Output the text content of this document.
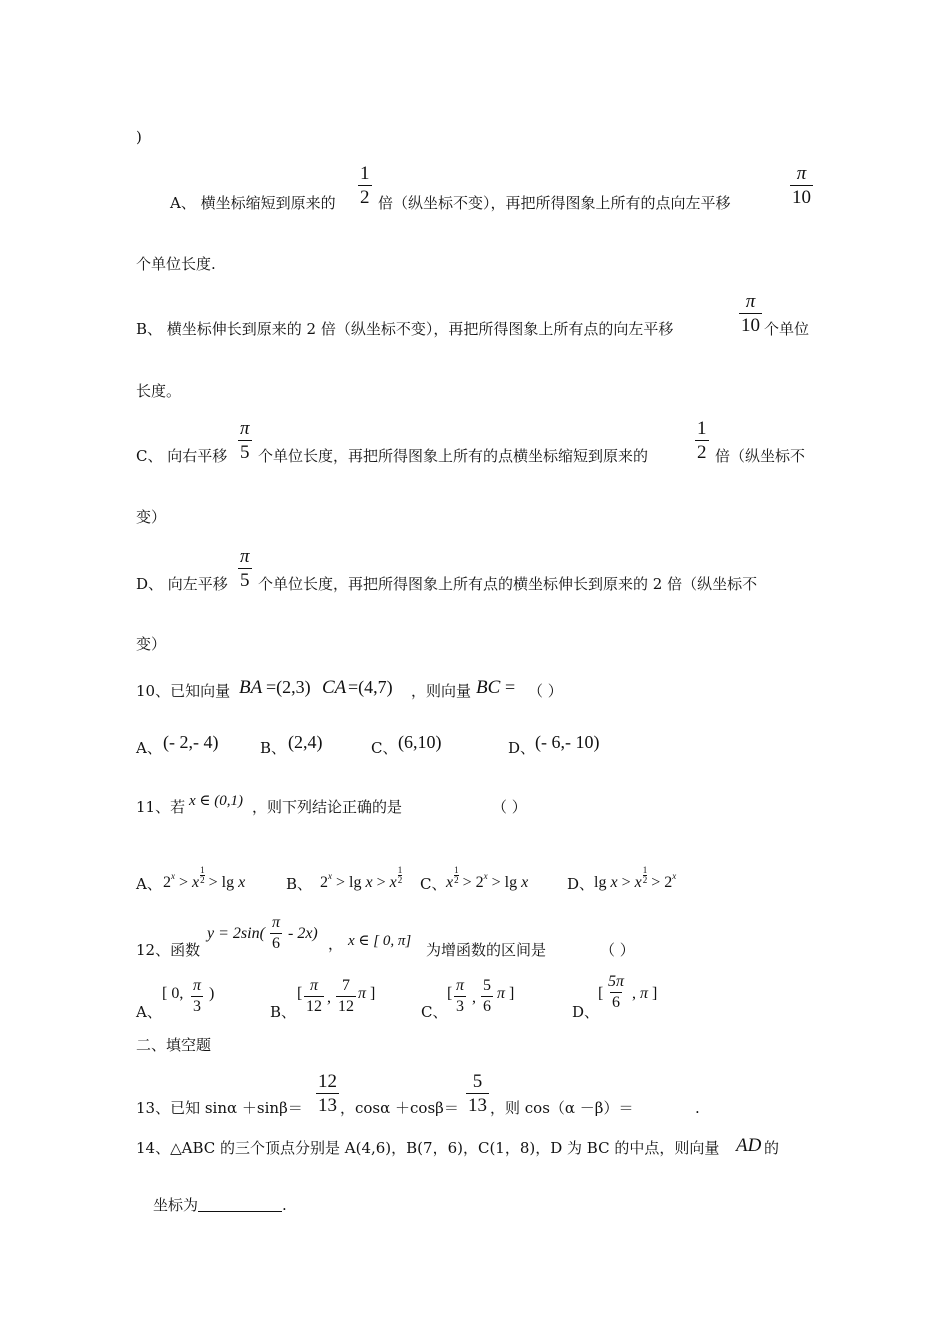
)
A、 横坐标缩短到原来的 $\frac{1}{2}$ 倍（纵坐标不变），再把所得图象上所有的点向左平移	$\frac{\pi}{10}$
个单位长度.
B、 横坐标伸长到原来的 2 倍（纵坐标不变），再把所得图象上所有点的向左平移	$\frac{\pi}{10}$ 个单位
长度。
C、 向右平移 $\frac{\pi}{5}$ 个单位长度，再把所得图象上所有的点横坐标缩短到原来的 $\frac{1}{2}$ 倍（纵坐标不
变）
D、 向左平移 $\frac{\pi}{5}$ 个单位长度，再把所得图象上所有点的横坐标伸长到原来的 2 倍（纵坐标不
变）
10、已知向量 BA =(2,3) CA =(4,7) ，则向量 BC = （ ）
A、 (- 2,- 4)	B、 (2,4)	C、 (6,10)	D、 (- 6,- 10)
11、若 x ∈ (0,1) ，则下列结论正确的是	（ ）
A、 $2^x > x \frac{1}{2} > \lg x$	B、 $2^x > \lg x > x \frac{1}{2}$ C、 x $\frac{1}{2} > 2^x > \lg x$	D、 lg x > x $\frac{1}{2} > 2^x$
12、函数
$y = 2\sin( \frac{\pi}{6} - 2x)$
， x ∈ [ 0, π] 为增函数的区间是	（ ）
A、
[ 0, $\frac{\pi}{3}$ )
B、
[ $\frac{\pi}{12}$ , $\frac{7}{12}$ π ]
C、
[ $\frac{\pi}{3}$ , $\frac{5}{6}$ π ]
D、
[ $\frac{5\pi}{6}$ , π ]
二、填空题
13、已知 $\sin\alpha +\sin\beta= \frac{12}{13}$ ，$\cos\alpha +\cos\beta= \frac{5}{13}$ ，则 cos（α －β）＝	.
14、△ABC 的三个顶点分别是 A(4,6)，B(7，6)，C(1，8)，D 为 BC 的中点，则向量 AD 的
坐标为	.
